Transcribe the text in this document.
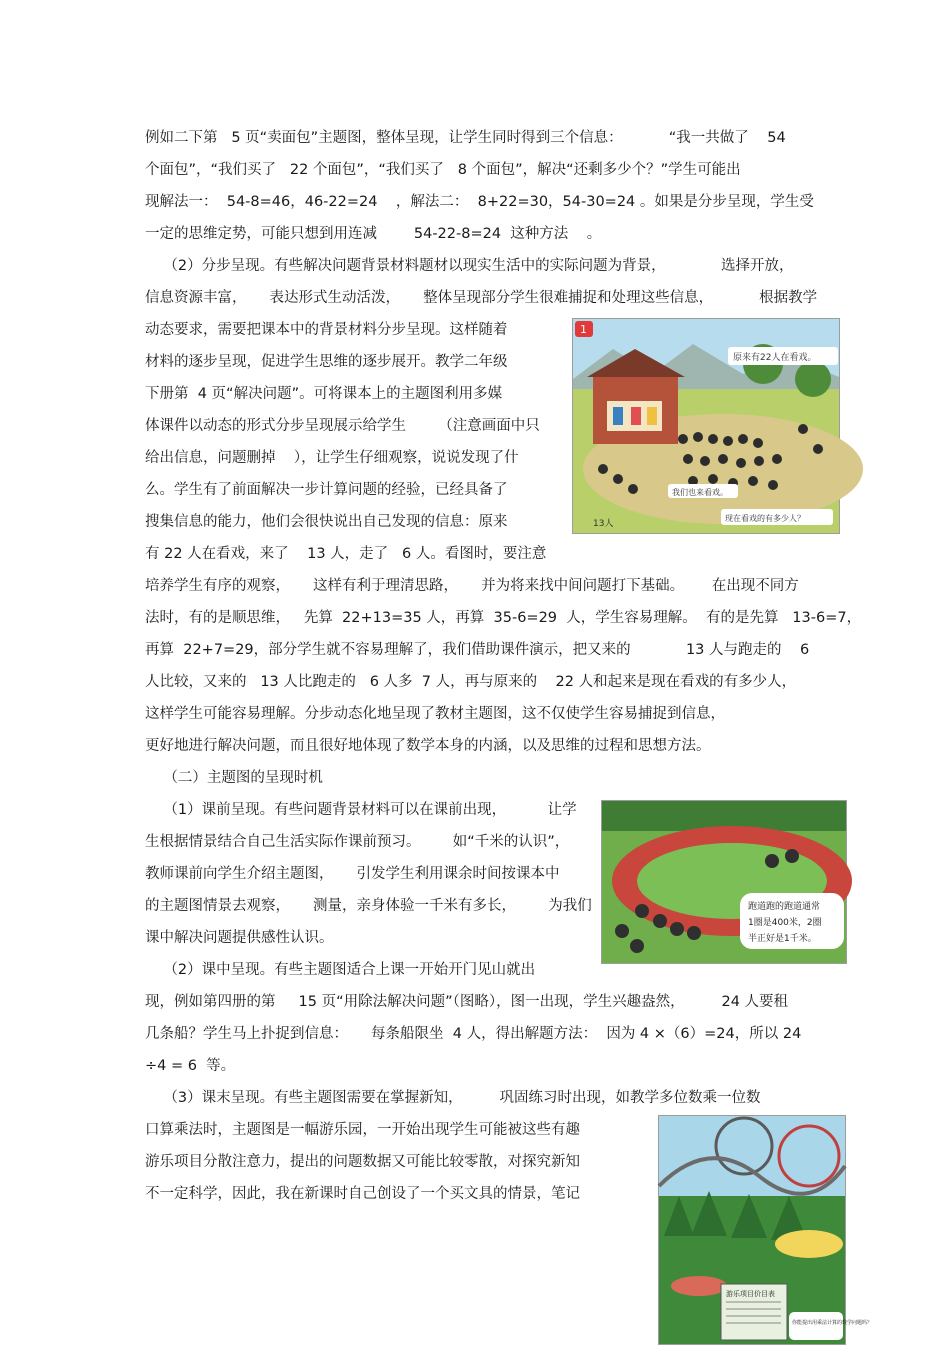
例如二下第   5 页“卖面包”主题图，整体呈现，让学生同时得到三个信息：          “我一共做了    54
个面包”，“我们买了   22 个面包”，“我们买了   8 个面包”，解决“还剩多少个？”学生可能出
现解法一：  54-8=46，46-22=24    ，解法二：  8+22=30，54-30=24 。如果是分步呈现，学生受
一定的思维定势，可能只想到用连减        54-22-8=24  这种方法    。
（2）分步呈现。有些解决问题背景材料题材以现实生活中的实际问题为背景，            选择开放，
信息资源丰富，     表达形式生动活泼，     整体呈现部分学生很难捕捉和处理这些信息，          根据教学
动态要求，需要把课本中的背景材料分步呈现。这样随着
材料的逐步呈现，促进学生思维的逐步展开。教学二年级
下册第  4 页“解决问题”。可将课本上的主题图利用多媒
体课件以动态的形式分步呈现展示给学生       （注意画面中只
给出信息，问题删掉    ），让学生仔细观察，说说发现了什
么。学生有了前面解决一步计算问题的经验，已经具备了
搜集信息的能力，他们会很快说出自己发现的信息：原来
有 22 人在看戏，来了    13 人，走了   6 人。看图时，要注意
培养学生有序的观察，     这样有利于理清思路，     并为将来找中间问题打下基础。      在出现不同方
法时，有的是顺思维，   先算  22+13=35 人，再算  35-6=29  人，学生容易理解。  有的是先算   13-6=7，
再算  22+7=29，部分学生就不容易理解了，我们借助课件演示，把又来的            13 人与跑走的    6
人比较，又来的   13 人比跑走的   6 人多  7 人，再与原来的    22 人和起来是现在看戏的有多少人，
这样学生可能容易理解。分步动态化地呈现了教材主题图，这不仅使学生容易捕捉到信息，
更好地进行解决问题，而且很好地体现了数学本身的内涵，以及思维的过程和思想方法。
（二）主题图的呈现时机
（1）课前呈现。有些问题背景材料可以在课前出现，         让学
生根据情景结合自己生活实际作课前预习。       如“千米的认识”，
教师课前向学生介绍主题图，     引发学生利用课余时间按课本中
的主题图情景去观察，     测量，亲身体验一千米有多长，       为我们
课中解决问题提供感性认识。
（2）课中呈现。有些主题图适合上课一开始开门见山就出
现，例如第四册的第     15 页“用除法解决问题”（图略），图一出现，学生兴趣盎然，        24 人要租
几条船？学生马上扑捉到信息：     每条船限坐  4 人，得出解题方法：  因为 4 ×（6）=24，所以 24
÷4 = 6  等。
（3）课末呈现。有些主题图需要在掌握新知，        巩固练习时出现，如教学多位数乘一位数
口算乘法时，主题图是一幅游乐园，一开始出现学生可能被这些有趣
游乐项目分散注意力，提出的问题数据又可能比较零散，对探究新知
不一定科学，因此，我在新课时自己创设了一个买文具的情景，笔记
原来有22人在看戏。
1
我们也来看戏。
现在看戏的有多少人？
13人
跑道跑的跑道通常
1圈是400米，2圈
半正好是1千米。
游乐项目价目表
你能提出用乘法计算的数学问题吗？
